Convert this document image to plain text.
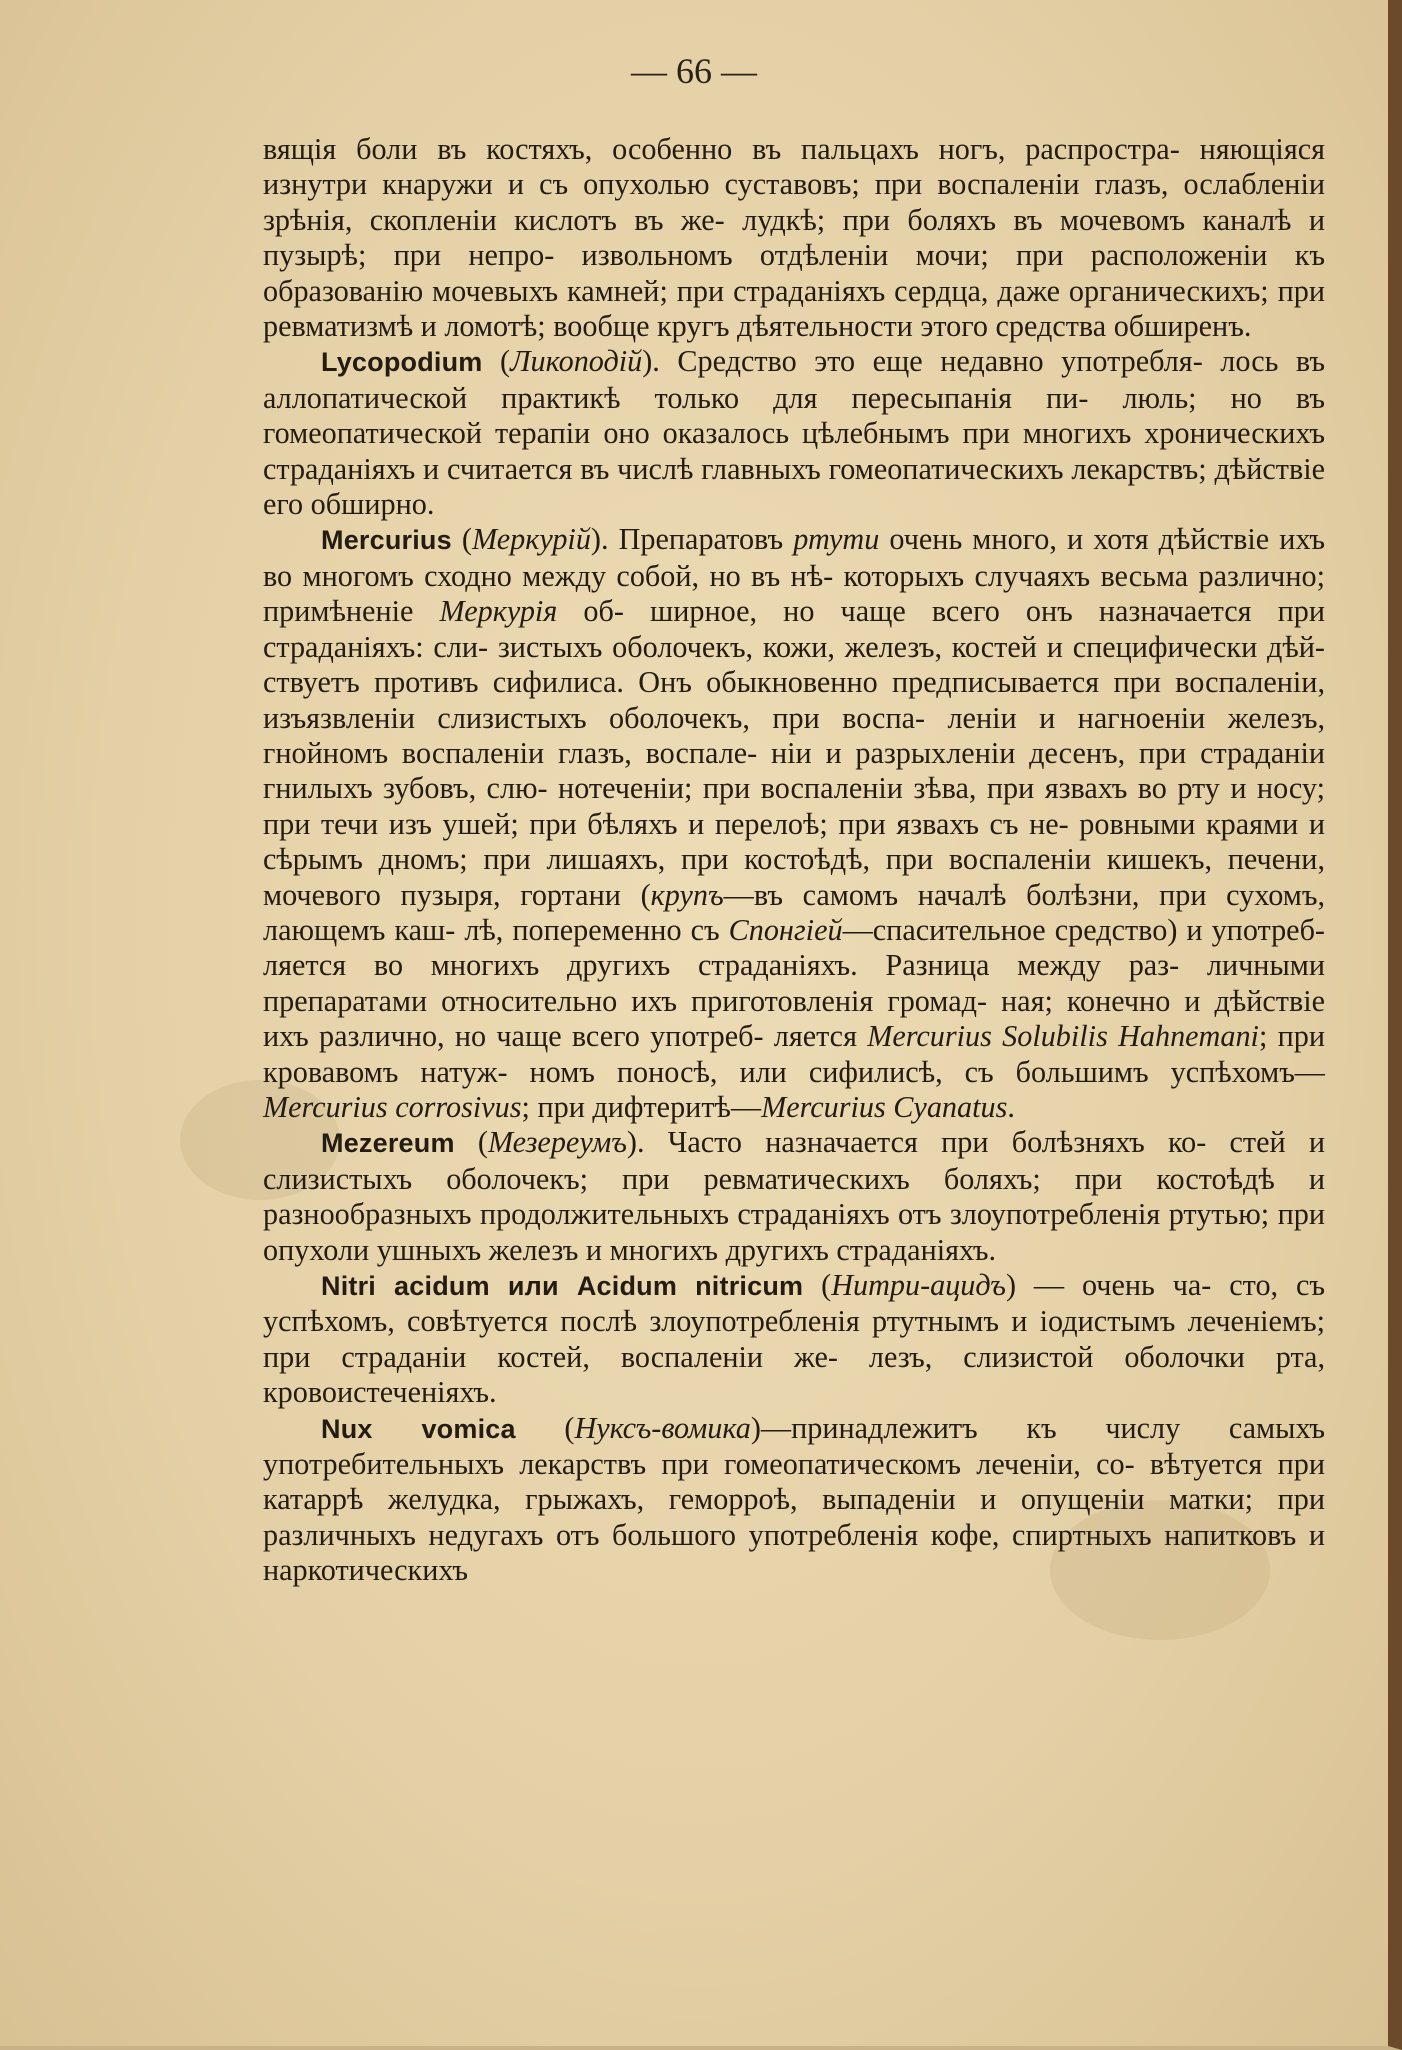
— 66 —

вящія боли въ костяхъ, особенно въ пальцахъ ногъ, распростра- няющіяся изнутри кнаружи и съ опухолью суставовъ; при воспаленіи глазъ, ослабленіи зрѣнія, скопленіи кислотъ въ же- лудкѣ; при боляхъ въ мочевомъ каналѣ и пузырѣ; при непро- извольномъ отдѣленіи мочи; при расположеніи къ образованію мочевыхъ камней; при страданіяхъ сердца, даже органическихъ; при ревматизмѣ и ломотѣ; вообще кругъ дѣятельности этого средства обширенъ.

Lycopodium (Ликоподій). Средство это еще недавно употребля- лось въ аллопатической практикѣ только для пересыпанія пи- люль; но въ гомеопатической терапіи оно оказалось цѣлебнымъ при многихъ хроническихъ страданіяхъ и считается въ числѣ главныхъ гомеопатическихъ лекарствъ; дѣйствіе его обширно.

Mercurius (Меркурій). Препаратовъ ртути очень много, и хотя дѣйствіе ихъ во многомъ сходно между собой, но въ нѣ- которыхъ случаяхъ весьма различно; примѣненіе Меркурія об- ширное, но чаще всего онъ назначается при страданіяхъ: сли- зистыхъ оболочекъ, кожи, железъ, костей и специфически дѣй- ствуетъ противъ сифилиса. Онъ обыкновенно предписывается при воспаленіи, изъязвленіи слизистыхъ оболочекъ, при воспа- леніи и нагноеніи железъ, гнойномъ воспаленіи глазъ, воспале- ніи и разрыхленіи десенъ, при страданіи гнилыхъ зубовъ, слю- нотеченіи; при воспаленіи зѣва, при язвахъ во рту и носу; при течи изъ ушей; при бѣляхъ и перелоѣ; при язвахъ съ не- ровными краями и сѣрымъ дномъ; при лишаяхъ, при костоѣдѣ, при воспаленіи кишекъ, печени, мочевого пузыря, гортани (крупъ—въ самомъ началѣ болѣзни, при сухомъ, лающемъ каш- лѣ, попеременно съ Спонгіей—спасительное средство) и употреб- ляется во многихъ другихъ страданіяхъ. Разница между раз- личными препаратами относительно ихъ приготовленія громад- ная; конечно и дѣйствіе ихъ различно, но чаще всего употреб- ляется Mercurius Solubilis Hahnemani; при кровавомъ натуж- номъ поносѣ, или сифилисѣ, съ большимъ успѣхомъ—Mercurius corrosivus; при дифтеритѣ—Mercurius Cyanatus.

Mezereum (Мезереумъ). Часто назначается при болѣзняхъ ко- стей и слизистыхъ оболочекъ; при ревматическихъ боляхъ; при костоѣдѣ и разнообразныхъ продолжительныхъ страданіяхъ отъ злоупотребленія ртутью; при опухоли ушныхъ железъ и многихъ другихъ страданіяхъ.

Nitri acidum или Acidum nitricum (Нитри-ацидъ) — очень ча- сто, съ успѣхомъ, совѣтуется послѣ злоупотребленія ртутнымъ и іодистымъ леченіемъ; при страданіи костей, воспаленіи же- лезъ, слизистой оболочки рта, кровоистеченіяхъ.

Nux vomica (Нуксъ-вомика)—принадлежитъ къ числу самыхъ употребительныхъ лекарствъ при гомеопатическомъ леченіи, со- вѣтуется при катаррѣ желудка, грыжахъ, геморроѣ, выпаденіи и опущеніи матки; при различныхъ недугахъ отъ большого употребленія кофе, спиртныхъ напитковъ и наркотическихъ
